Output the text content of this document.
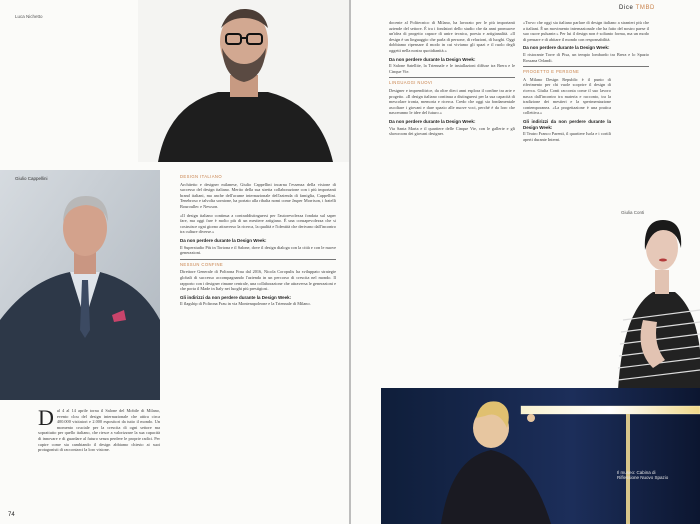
Luca Nichetto
Giulio Cappellini	DESIGN ITALIANO

Architetto e designer milanese, Giulio Cappellini incarna l'essenza della visione di successo del design italiano. Merito della sua stretta collaborazione con i più importanti brand italiani, ma anche dell'acume internazionale dell'azienda di famiglia, Cappellini. Tenebroso e talvolta sornione, ha portato alla ribalta nomi come Jasper Morrison, i fratelli Bouroullec e Newson.

«Il design italiano continua a contraddistinguersi per l'autorevolezza fondata sul saper fare, ma oggi fare è molto più di un mestiere artigiano. È una consapevolezza che si costruisce ogni giorno attraverso la ricerca, la qualità e l'identità che derivano dall'incontro tra culture diverse.»

Da non perdere durante la Design Week:

Il Superstudio Più in Tortona e il Salone, dove il design dialoga con la città e con le nuove generazioni.

NESSUN CONFINE

Direttore Generale di Poltrona Frau dal 2016, Nicola Coropulis ha sviluppato strategie globali di successo accompagnando l'azienda in un percorso di crescita nel mondo. Il rapporto con i designer rimane centrale, una collaborazione che attraversa le generazioni e che porta il Made in Italy nei luoghi più prestigiosi.

Gli indirizzi da non perdere durante la Design Week:

Il flagship di Poltrona Frau in via Montenapoleone e la Triennale di Milano.

D al 4 al 14 aprile torna il Salone del Mobile di Milano, evento clou del design internazionale che attira circa 400.000 visitatori e 2.000 espositori da tutto il mondo. Un momento cruciale per la crescita di ogni settore ma soprattutto per quello italiano, che riesce a valorizzare la sua capacità di innovare e di guardare al futuro senza perdere le proprie radici. Per capire come sta cambiando il design abbiamo chiesto ai suoi protagonisti di raccontarci la loro visione.
74
Dice TMBD

docente al Politecnico di Milano, ha lavorato per le più importanti aziende del settore. È tra i fondatori dello studio che da anni promuove un'idea di progetto capace di unire tecnica, poesia e artigianalità. «Il design è un linguaggio che parla di persone, di relazioni, di luoghi. Oggi dobbiamo ripensare il modo in cui viviamo gli spazi e il ruolo degli oggetti nella nostra quotidianità.»

Da non perdere durante la Design Week:

Il Salone Satellite, la Triennale e le installazioni diffuse tra Brera e le Cinque Vie.

LINGUAGGI NUOVI

Designer e imprenditrice, da oltre dieci anni esplora il confine tra arte e progetto. «Il design italiano continua a distinguersi per la sua capacità di mescolare ironia, memoria e ricerca. Credo che oggi sia fondamentale ascoltare i giovani e dare spazio alle nuove voci, perché è da loro che nasceranno le idee del futuro.»

Da non perdere durante la Design Week:

Via Santa Marta e il quartiere delle Cinque Vie, con le gallerie e gli showroom dei giovani designer.

«Trovo che oggi sia italiano parlare di design italiano a stranieri più che a italiani. È un movimento internazionale che ha fatto del nostro paese il suo cuore pulsante.» Per lui il design non è soltanto forma, ma un modo di pensare e di abitare il mondo con responsabilità.

Da non perdere durante la Design Week:

Il ristorante Torre di Pisa, un tempio lombardo tra Brera e lo Spazio Rossana Orlandi.

PROGETTO E PERSONE

A Milano Design Republic è il punto di riferimento per chi vuole scoprire il design di ricerca. Giulia Conti racconta come il suo lavoro nasca dall'incontro tra materia e racconto, tra la tradizione dei mestieri e la sperimentazione contemporanea. «La progettazione è una pratica collettiva.»

Gli indirizzi da non perdere durante la Design Week:

Il Teatro Franco Parenti, il quartiere Isola e i cortili aperti durante Interni.

Giulia Conti
Il museo: Cabina di Riflessione Nuovo Spazio
